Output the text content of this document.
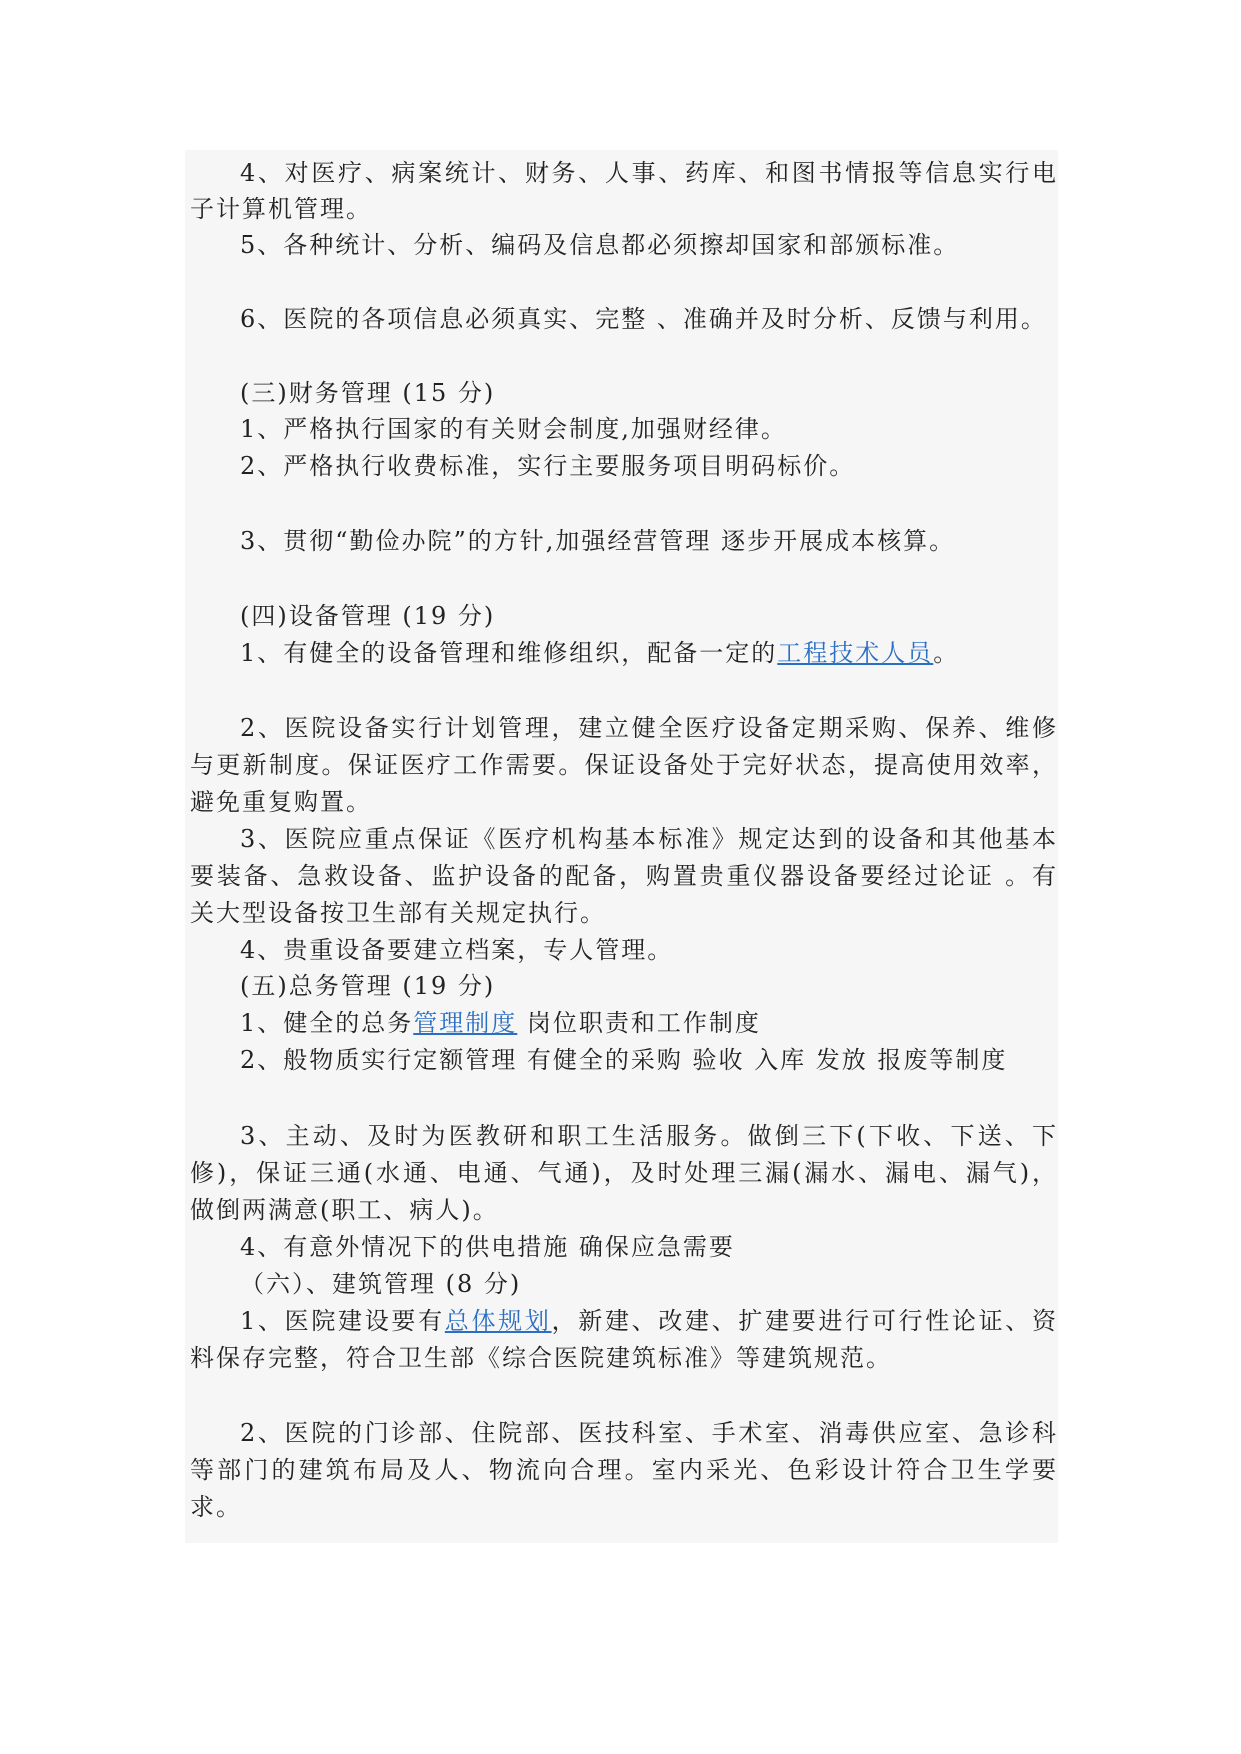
4、对医疗、病案统计、财务、人事、药库、和图书情报等信息实行电
子计算机管理。
5、各种统计、分析、编码及信息都必须擦却国家和部颁标准。
6、医院的各项信息必须真实、完整 、准确并及时分析、反馈与利用。
(三)财务管理 (15 分)
1、严格执行国家的有关财会制度,加强财经律。
2、严格执行收费标准，实行主要服务项目明码标价。
3、贯彻“勤俭办院”的方针,加强经营管理 逐步开展成本核算。
(四)设备管理 (19 分)
1、有健全的设备管理和维修组织，配备一定的工程技术人员。
2、医院设备实行计划管理，建立健全医疗设备定期采购、保养、维修
与更新制度。保证医疗工作需要。保证设备处于完好状态，提高使用效率，
避免重复购置。
3、医院应重点保证《医疗机构基本标准》规定达到的设备和其他基本
要装备、急救设备、监护设备的配备，购置贵重仪器设备要经过论证 。有
关大型设备按卫生部有关规定执行。
4、贵重设备要建立档案，专人管理。
(五)总务管理 (19 分)
1、健全的总务管理制度 岗位职责和工作制度
2、般物质实行定额管理 有健全的采购 验收 入库 发放 报废等制度
3、主动、及时为医教研和职工生活服务。做倒三下(下收、下送、下
修)，保证三通(水通、电通、气通)，及时处理三漏(漏水、漏电、漏气)，
做倒两满意(职工、病人)。
4、有意外情况下的供电措施 确保应急需要
（六）、建筑管理 (8 分)
1、医院建设要有总体规划，新建、改建、扩建要进行可行性论证、资
料保存完整，符合卫生部《综合医院建筑标准》等建筑规范。
2、医院的门诊部、住院部、医技科室、手术室、消毒供应室、急诊科
等部门的建筑布局及人、物流向合理。室内采光、色彩设计符合卫生学要
求。
